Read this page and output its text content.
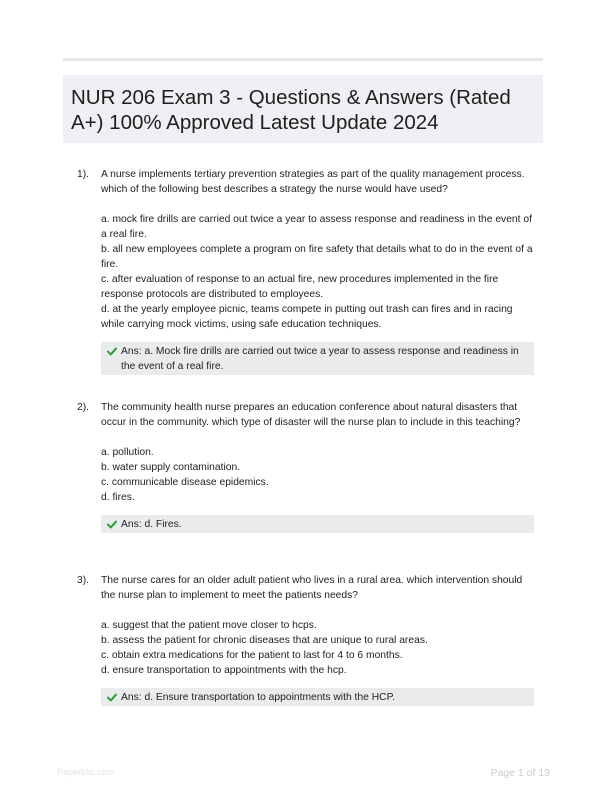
NUR 206 Exam 3 - Questions & Answers (Rated A+) 100% Approved Latest Update 2024
1). A nurse implements tertiary prevention strategies as part of the quality management process. which of the following best describes a strategy the nurse would have used?

a. mock fire drills are carried out twice a year to assess response and readiness in the event of a real fire.
b. all new employees complete a program on fire safety that details what to do in the event of a fire.
c. after evaluation of response to an actual fire, new procedures implemented in the fire response protocols are distributed to employees.
d. at the yearly employee picnic, teams compete in putting out trash can fires and in racing while carrying mock victims, using safe education techniques.
Ans: a. Mock fire drills are carried out twice a year to assess response and readiness in the event of a real fire.
2). The community health nurse prepares an education conference about natural disasters that occur in the community. which type of disaster will the nurse plan to include in this teaching?

a. pollution.
b. water supply contamination.
c. communicable disease epidemics.
d. fires.
Ans: d. Fires.
3). The nurse cares for an older adult patient who lives in a rural area. which intervention should the nurse plan to implement to meet the patients needs?

a. suggest that the patient move closer to hcps.
b. assess the patient for chronic diseases that are unique to rural areas.
c. obtain extra medications for the patient to last for 4 to 6 months.
d. ensure transportation to appointments with the hcp.
Ans: d. Ensure transportation to appointments with the HCP.
Paperblic.com	Page 1 of 13
